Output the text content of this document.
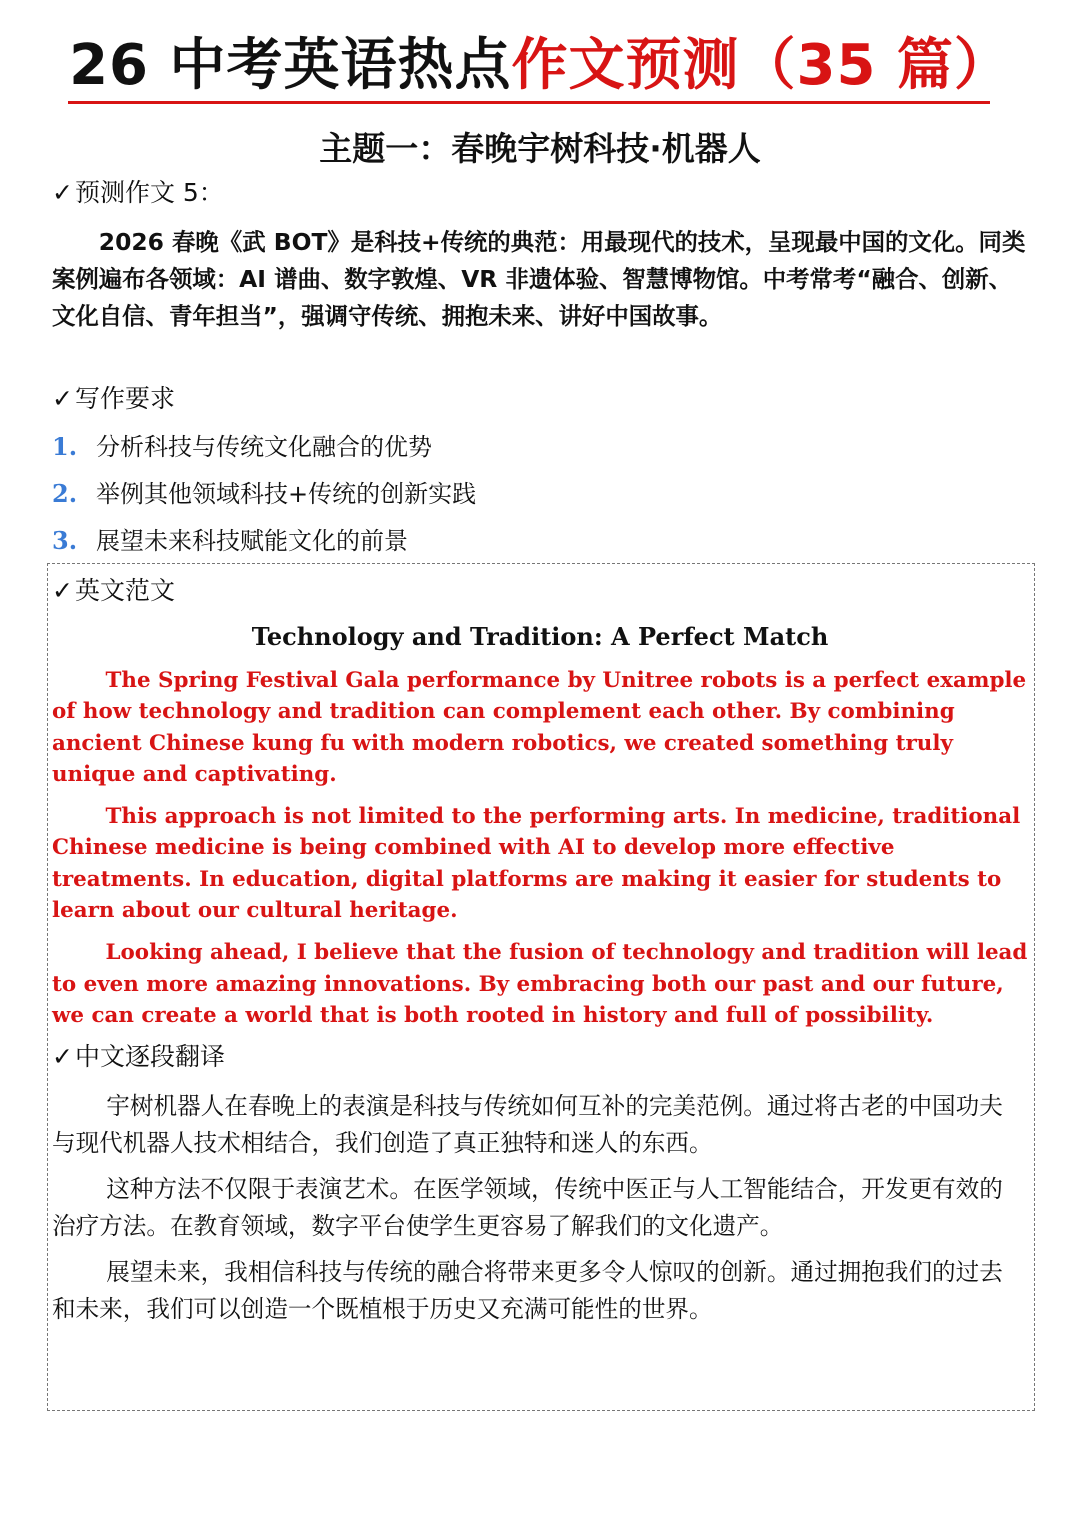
26 中考英语热点作文预测（35 篇）
主题一：春晚宇树科技·机器人
✓预测作文 5：
2026 春晚《武 BOT》是科技+传统的典范：用最现代的技术，呈现最中国的文化。同类案例遍布各领域：AI 谱曲、数字敦煌、VR 非遗体验、智慧博物馆。中考常考“融合、创新、文化自信、青年担当”，强调守传统、拥抱未来、讲好中国故事。
✓写作要求
1. 分析科技与传统文化融合的优势
2. 举例其他领域科技+传统的创新实践
3. 展望未来科技赋能文化的前景
✓英文范文
Technology and Tradition: A Perfect Match

The Spring Festival Gala performance by Unitree robots is a perfect example of how technology and tradition can complement each other. By combining ancient Chinese kung fu with modern robotics, we created something truly unique and captivating.

This approach is not limited to the performing arts. In medicine, traditional Chinese medicine is being combined with AI to develop more effective treatments. In education, digital platforms are making it easier for students to learn about our cultural heritage.

Looking ahead, I believe that the fusion of technology and tradition will lead to even more amazing innovations. By embracing both our past and our future, we can create a world that is both rooted in history and full of possibility.

✓中文逐段翻译

宇树机器人在春晚上的表演是科技与传统如何互补的完美范例。通过将古老的中国功夫与现代机器人技术相结合，我们创造了真正独特和迷人的东西。

这种方法不仅限于表演艺术。在医学领域，传统中医正与人工智能结合，开发更有效的治疗方法。在教育领域，数字平台使学生更容易了解我们的文化遗产。

展望未来，我相信科技与传统的融合将带来更多令人惊叹的创新。通过拥抱我们的过去和未来，我们可以创造一个既植根于历史又充满可能性的世界。
